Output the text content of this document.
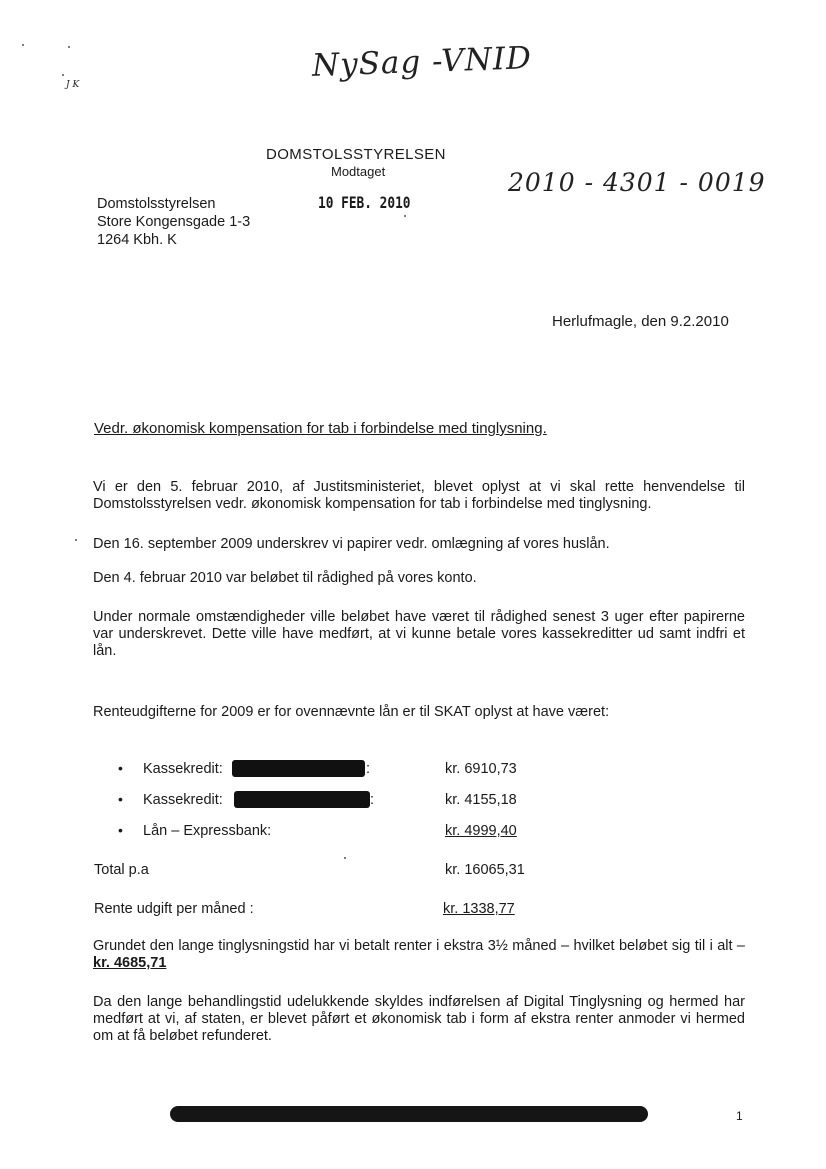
J K
NySag -VNID
DOMSTOLSSTYRELSEN
Modtaget
10 FEB. 2010
2010 - 4301 - 0019
Domstolsstyrelsen
Store Kongensgade 1-3
1264 Kbh. K
Herlufmagle, den 9.2.2010
Vedr. økonomisk kompensation for tab i forbindelse med tinglysning.
Vi er den 5. februar 2010, af Justitsministeriet, blevet oplyst at vi skal rette henvendelse til Domstolsstyrelsen vedr. økonomisk kompensation for tab i forbindelse med tinglysning.
Den 16. september 2009 underskrev vi papirer vedr. omlægning af vores huslån.
Den 4. februar 2010 var beløbet til rådighed på vores konto.
Under normale omstændigheder ville beløbet have været til rådighed senest 3 uger efter papirerne var underskrevet. Dette ville have medført, at vi kunne betale vores kassekreditter ud samt indfri et lån.
Renteudgifterne for 2009 er for ovennævnte lån er til SKAT oplyst at have været:
• Kassekredit:	:	kr. 6910,73
• Kassekredit:	:	kr. 4155,18
• Lån – Expressbank:	kr. 4999,40
Total p.a	kr. 16065,31
Rente udgift per måned :	kr. 1338,77
Grundet den lange tinglysningstid har vi betalt renter i ekstra 3½ måned – hvilket beløbet sig til i alt – kr. 4685,71
Da den lange behandlingstid udelukkende skyldes indførelsen af Digital Tinglysning og hermed har medført at vi, af staten, er blevet påført et økonomisk tab i form af ekstra renter anmoder vi hermed om at få beløbet refunderet.
1
